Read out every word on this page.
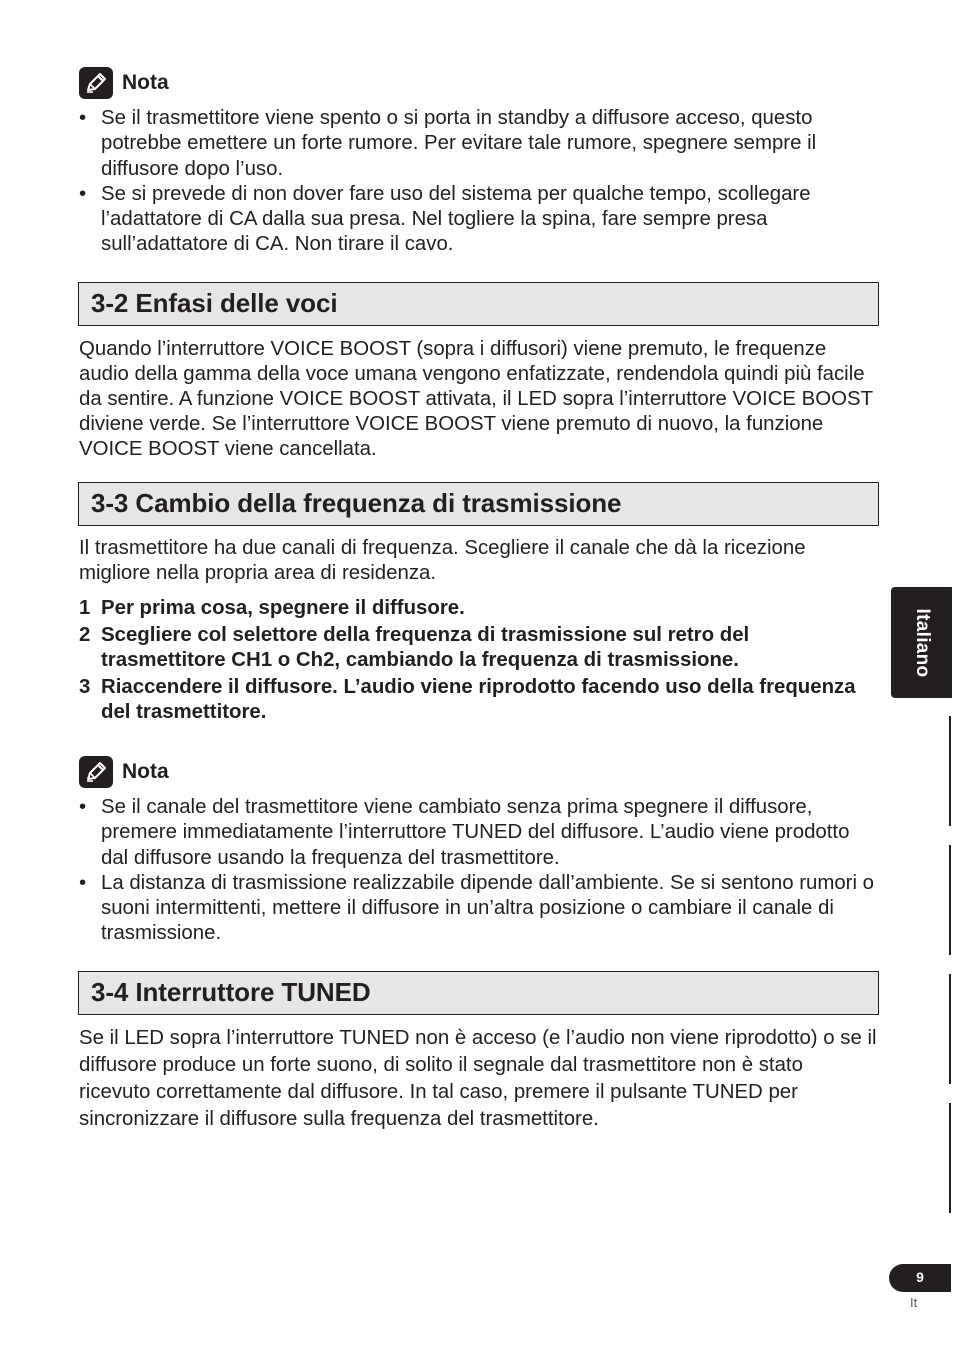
Nota
• Se il trasmettitore viene spento o si porta in standby a diffusore acceso, questo potrebbe emettere un forte rumore. Per evitare tale rumore, spegnere sempre il diffusore dopo l’uso.
• Se si prevede di non dover fare uso del sistema per qualche tempo, scollegare l’adattatore di CA dalla sua presa. Nel togliere la spina, fare sempre presa sull’adattatore di CA. Non tirare il cavo.
3-2 Enfasi delle voci

Quando l’interruttore VOICE BOOST (sopra i diffusori) viene premuto, le frequenze audio della gamma della voce umana vengono enfatizzate, rendendola quindi più facile da sentire. A funzione VOICE BOOST attivata, il LED sopra l’interruttore VOICE BOOST diviene verde. Se l’interruttore VOICE BOOST viene premuto di nuovo, la funzione VOICE BOOST viene cancellata.

3-3 Cambio della frequenza di trasmissione

Il trasmettitore ha due canali di frequenza. Scegliere il canale che dà la ricezione migliore nella propria area di residenza.

1 Per prima cosa, spegnere il diffusore.
2 Scegliere col selettore della frequenza di trasmissione sul retro del trasmettitore CH1 o Ch2, cambiando la frequenza di trasmissione.
3 Riaccendere il diffusore. L’audio viene riprodotto facendo uso della frequenza del trasmettitore.
Nota
• Se il canale del trasmettitore viene cambiato senza prima spegnere il diffusore, premere immediatamente l’interruttore TUNED del diffusore. L’audio viene prodotto dal diffusore usando la frequenza del trasmettitore.
• La distanza di trasmissione realizzabile dipende dall’ambiente. Se si sentono rumori o suoni intermittenti, mettere il diffusore in un’altra posizione o cambiare il canale di trasmissione.
3-4 Interruttore TUNED

Se il LED sopra l’interruttore TUNED non è acceso (e l’audio non viene riprodotto) o se il diffusore produce un forte suono, di solito il segnale dal trasmettitore non è stato ricevuto correttamente dal diffusore. In tal caso, premere il pulsante TUNED per sincronizzare il diffusore sulla frequenza del trasmettitore.

Italiano
9
It
